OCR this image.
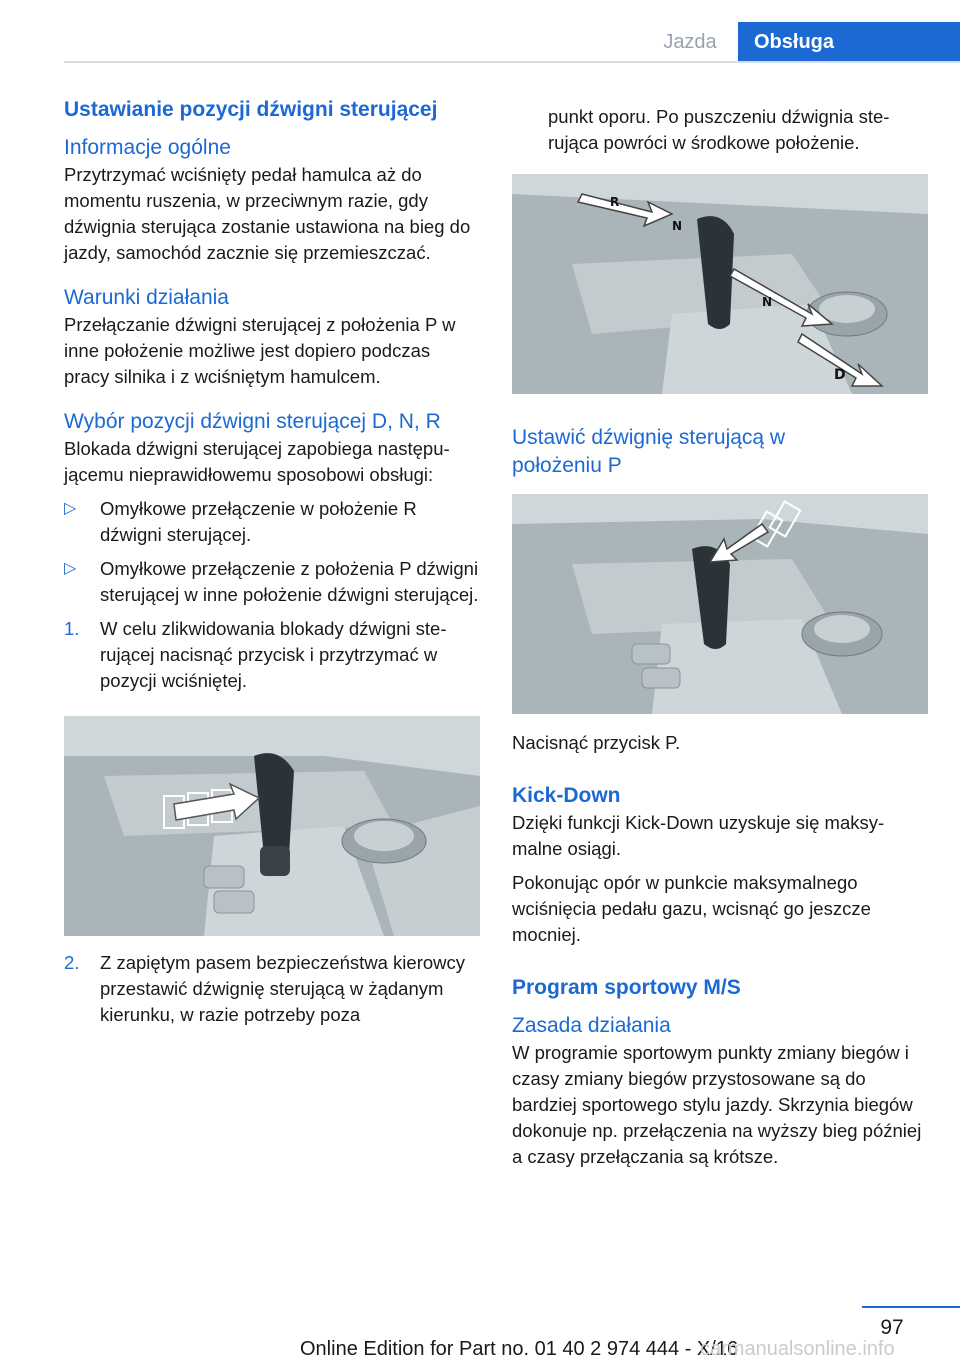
Jazda	Obsługa
Ustawianie pozycji dźwigni sterującej
Informacje ogólne

Przytrzymać wciśnięty pedał hamulca aż do momentu ruszenia, w przeciwnym razie, gdy dźwignia sterująca zostanie ustawiona na bieg do jazdy, samochód zacznie się przemieszczać.

Warunki działania

Przełączanie dźwigni sterującej z położenia P w inne położenie możliwe jest dopiero podczas pracy silnika i z wciśniętym hamulcem.

Wybór pozycji dźwigni sterującej D, N, R

Blokada dźwigni sterującej zapobiega następującemu nieprawidłowemu sposobowi obsługi:

▷ Omyłkowe przełączenie w położenie R dźwigni sterującej.
▷ Omyłkowe przełączenie z położenia P dźwigni sterującej w inne położenie dźwigni sterującej.
1. W celu zlikwidowania blokady dźwigni sterującej nacisnąć przycisk i przytrzymać w pozycji wciśniętej.
2. Z zapiętym pasem bezpieczeństwa kierowcy przestawić dźwignię sterującą w żądanym kierunku, w razie potrzeby poza

punkt oporu. Po puszczeniu dźwignia sterująca powróci w środkowe położenie.

R
N
N
D
Ustawić dźwignię sterującą w położeniu P

Nacisnąć przycisk P.

Kick-Down

Dzięki funkcji Kick-Down uzyskuje się maksymalne osiągi.

Pokonując opór w punkcie maksymalnego wciśnięcia pedału gazu, wcisnąć go jeszcze mocniej.

Program sportowy M/S
Zasada działania

W programie sportowym punkty zmiany biegów i czasy zmiany biegów przystosowane są do bardziej sportowego stylu jazdy. Skrzynia biegów dokonuje np. przełączenia na wyższy bieg później a czasy przełączania są krótsze.

97
Online Edition for Part no. 01 40 2 974 444 - X/16
carmanualsonline.info
